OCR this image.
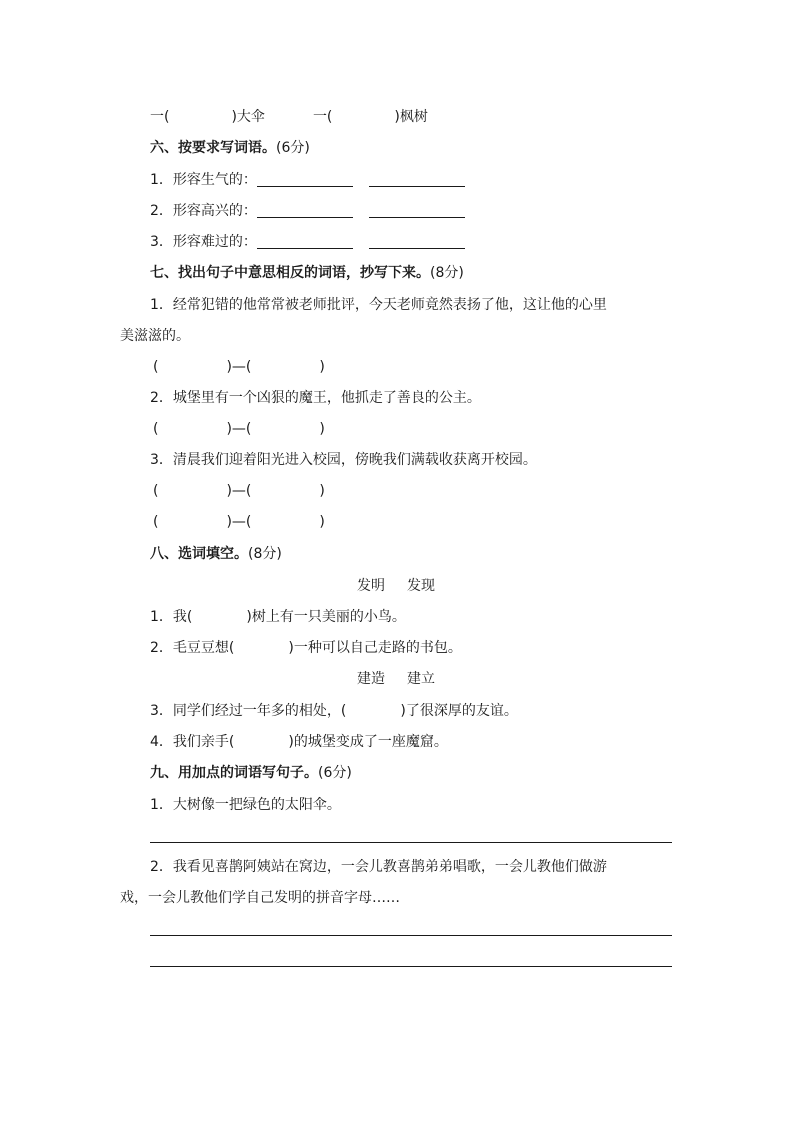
一(	)大伞	一(	)枫树
六、按要求写词语。(6分)
1．形容生气的：
2．形容高兴的：
3．形容难过的：
七、找出句子中意思相反的词语，抄写下来。(8分)
1．经常犯错的他常常被老师批评，今天老师竟然表扬了他，这让他的心里
美滋滋的。
(	)—(	)
2．城堡里有一个凶狠的魔王，他抓走了善良的公主。
(	)—(	)
3．清晨我们迎着阳光进入校园，傍晚我们满载收获离开校园。
(	)—(	)
(	)—(	)
八、选词填空。(8分)
发明 发现
1．我(	)树上有一只美丽的小鸟。
2．毛豆豆想(	)一种可以自己走路的书包。
建造 建立
3．同学们经过一年多的相处，(	)了很深厚的友谊。
4．我们亲手(	)的城堡变成了一座魔窟。
九、用加点的词语写句子。(6分)
1．大树像一把绿色的太阳伞。
2．我看见喜鹊阿姨站在窝边，一会儿教喜鹊弟弟唱歌，一会儿教他们做游
戏，一会儿教他们学自己发明的拼音字母……
